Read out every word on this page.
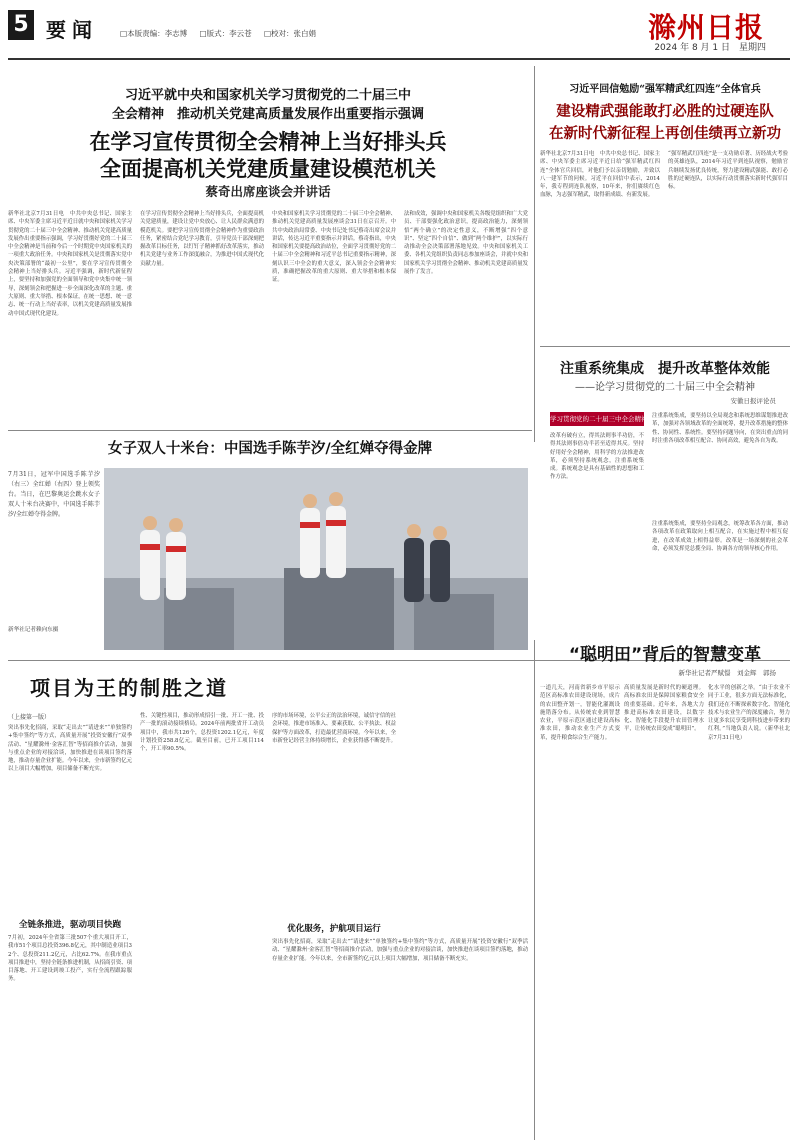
5 要闻	□本版责编：李志博 □版式：李云苍 □校对：张白娟	滁州日报
2024 年 8 月 1 日　星期四
习近平就中央和国家机关学习贯彻党的二十届三中
全会精神　推动机关党建高质量发展作出重要指示强调
在学习宣传贯彻全会精神上当好排头兵
全面提高机关党建质量建设模范机关
蔡奇出席座谈会并讲话
新华社北京7月31日电　中共中央总书记、国家主席、中央军委主席习近平近日就中央和国家机关学习贯彻党的二十届三中全会精神、推动机关党建高质量发展作出重要指示强调，学习好贯彻好党的二十届三中全会精神是当前和今后一个时期党中央国家机关的一项重大政治任务。中央和国家机关是贯彻落实党中央决策部署的“最初一公里”，要在学习宣传贯彻全会精神上当好排头兵。习近平强调，新时代新征程上，要坚持和加强党的全面领导和党中央集中统一领导，深刻领会和把握进一步全面深化改革的主题、重大原则、重大举措、根本保证，在统一思想、统一意志、统一行动上当好表率，以机关党建高质量发展推动中国式现代化建设。
在学习宣传贯彻全会精神上当好排头兵，全面提高机关党建质量，建设让党中央放心、让人民群众满意的模范机关。要把学习宣传贯彻全会精神作为重要政治任务，紧密结合党纪学习教育，引导党员干部深刻把握改革目标任务，以钉钉子精神抓好改革落实，推动机关党建与业务工作深度融合，为推进中国式现代化贡献力量。
中央和国家机关学习贯彻党的二十届三中全会精神、推动机关党建高质量发展座谈会31日在京召开。中共中央政治局常委、中央书记处书记蔡奇出席会议并讲话，传达习近平重要指示并讲话。蔡奇指出，中央和国家机关要提高政治站位，全面学习贯彻好党的二十届三中全会精神和习近平总书记重要指示精神，深刻认识三中全会的重大意义，深入领会全会精神实质，准确把握改革的重大原则、重大举措和根本保证。
法和成效，强调中央和国家机关各级党组织和广大党员、干部要强化政治意识，提高政治能力，深刻领悟“两个确立”的决定性意义，不断增强“四个意识”、坚定“四个自信”、做到“两个维护”，以实际行动推动全会决策部署落地见效。中央和国家机关工委、各机关党组织负责同志参加座谈会，并就中央和国家机关学习贯彻全会精神、推动机关党建高质量发展作了发言。
习近平回信勉励“强军精武红四连”全体官兵
建设精武强能敢打必胜的过硬连队
在新时代新征程上再创佳绩再立新功
新华社北京7月31日电　中共中央总书记、国家主席、中央军委主席习近平近日给“强军精武红四连”全体官兵回信，对他们予以亲切勉励，并致以八一建军节的问候。习近平在回信中表示，2014年，我专程到连队视察，10年来，你们赓续红色血脉，为志强军精武，取得新成绩、有新发展。
“强军精武红四连”是一支功勋卓著、历经战火考验的英雄连队，2014年习近平到连队视察，勉励官兵继续发扬优良传统，努力建设精武强能、敢打必胜的过硬连队，以实际行动贯彻落实新时代强军目标。
注重系统集成　提升改革整体效能
——论学习贯彻党的二十届三中全会精神
安徽日报评论员
学习贯彻党的二十届三中全会精神
改革有破有立，得其法则事半功倍，不得其法则事倍功半甚至适得其反。坚持好用好全会精神，用科学的方法推进改革，必须坚持系统观念，注重系统集成。系统观念是具有基础性的思想和工作方法。
注重系统集成，要坚持以全局观念和系统思维谋划推进改革，加强对各领域改革的全面统筹，提升改革措施的整体性、协同性、系统性。要坚持问题导向，在突出重点的同时注重各项改革相互配合、协同高效，避免各自为战。
注重系统集成，要坚持全局观念，统筹改革各方面，推动各项改革在政策取向上相互配合，在实施过程中相互促进，在改革成效上相得益彰。改革是一场深刻的社会革命，必须发挥党总揽全局、协调各方的领导核心作用。
女子双人十米台：中国选手陈芋汐/全红婵夺得金牌
7月31日，冠军中国选手陈芋汐（右三）全红婵（右四）登上领奖台。当日，在巴黎奥运会跳水女子双人十米台决赛中，中国选手陈芋汐/全红婵夺得金牌。
新华社记者赖向东摄
项目为王的制胜之道
（上接第一版）
突出事先化招商，采取“走出去”“请进来”“单独签约+集中签约”等方式，高质量开展“投资安徽行”双季活动、“星耀滁州·金客汇智”等招商推介活动，加强与重点企业的对接洽谈，加快推进在谈项目签约落地，推动存量企业扩能。今年以来，全市新签约亿元以上项目大幅增加，项目储备不断充实。
全链条推进，驱动项目快跑
7月初，2024年全省第三批507个重大项目开工，我市51个项目总投资396.8亿元，其中制造业项目32个、总投资211.2亿元，占比62.7%。在我市重点项目推进中，坚持全链条推进机制，从招商引资、项目落地、开工建设到竣工投产，实行全流程跟踪服务。
性、关键性项目，推动形成招引一批、开工一批、投产一批的滚动接续格局。2024年前两批省开工动员项目中，我市共126个，总投资1202.1亿元，年度计划投资258.8亿元。截至目前，已开工项目114个，开工率90.5%。
优化服务，护航项目运行
序的市场环境，公平公正的法治环境，诚信守信的社会环境，推进市场准入、要素获取、公平执法、权益保护等方面改革，打造最优营商环境。今年以来，全市新登记经营主体持续增长，企业获得感不断提升。
突出事先化招商，采取“走出去”“请进来”“单独签约+集中签约”等方式，高质量开展“投资安徽行”双季活动、“星耀滁州·金客汇智”等招商推介活动，加强与重点企业的对接洽谈，加快推进在谈项目签约落地，推动存量企业扩能。今年以来，全市新签约亿元以上项目大幅增加，项目储备不断充实。
“聪明田”背后的智慧变革
新华社记者严赋憬　刘金辉　郭扬
一道几天，河南省新乡市平原示范区高标准农田建设现场，成片的农田整齐划一，智能化灌溉设施错落分布。从传统农业到智慧农业，平原示范区通过建设高标准农田，推动农业生产方式变革，提升粮食综合生产能力。
高质量发展是新时代的硬道理。高标准农田是保障国家粮食安全的重要基础。近年来，各地大力推进高标准农田建设，以数字化、智能化手段提升农田管理水平，让传统农田变成“聪明田”。
化水平的创新之举。“由于农业不同于工业，很多方面无法标准化，我们还在不断探索数字化、智能化技术与农业生产的深度融合，努力让更多农民享受到科技进步带来的红利。”当地负责人说。（新华社北京7月31日电）
